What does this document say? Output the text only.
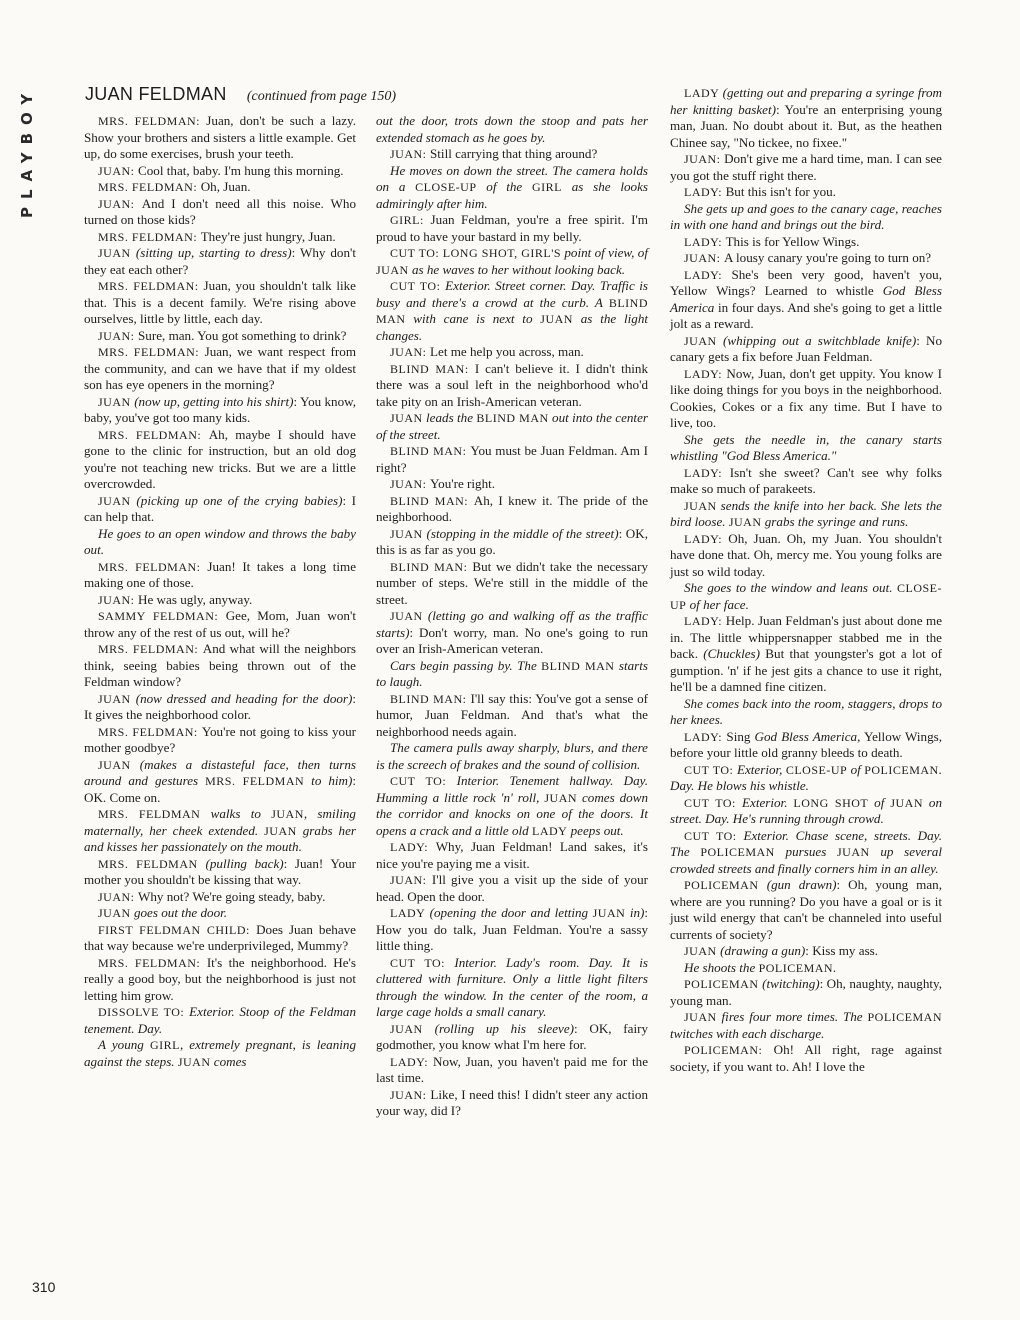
PLAYBOY	JUAN FELDMAN (continued from page 150)

MRS. FELDMAN: Juan, don't be such a lazy. Show your brothers and sisters a little example. Get up, do some exercises, brush your teeth.

JUAN: Cool that, baby. I'm hung this morning.

MRS. FELDMAN: Oh, Juan.

JUAN: And I don't need all this noise. Who turned on those kids?

MRS. FELDMAN: They're just hungry, Juan.

JUAN (sitting up, starting to dress): Why don't they eat each other?

MRS. FELDMAN: Juan, you shouldn't talk like that. This is a decent family. We're rising above ourselves, little by little, each day.

JUAN: Sure, man. You got something to drink?

MRS. FELDMAN: Juan, we want respect from the community, and can we have that if my oldest son has eye openers in the morning?

JUAN (now up, getting into his shirt): You know, baby, you've got too many kids.

MRS. FELDMAN: Ah, maybe I should have gone to the clinic for instruction, but an old dog you're not teaching new tricks. But we are a little overcrowded.

JUAN (picking up one of the crying babies): I can help that.

He goes to an open window and throws the baby out.

MRS. FELDMAN: Juan! It takes a long time making one of those.

JUAN: He was ugly, anyway.

SAMMY FELDMAN: Gee, Mom, Juan won't throw any of the rest of us out, will he?

MRS. FELDMAN: And what will the neighbors think, seeing babies being thrown out of the Feldman window?

JUAN (now dressed and heading for the door): It gives the neighborhood color.

MRS. FELDMAN: You're not going to kiss your mother goodbye?

JUAN (makes a distasteful face, then turns around and gestures MRS. FELDMAN to him): OK. Come on.

MRS. FELDMAN walks to JUAN, smiling maternally, her cheek extended. JUAN grabs her and kisses her passionately on the mouth.

MRS. FELDMAN (pulling back): Juan! Your mother you shouldn't be kissing that way.

JUAN: Why not? We're going steady, baby.

JUAN goes out the door.

FIRST FELDMAN CHILD: Does Juan behave that way because we're underprivileged, Mummy?

MRS. FELDMAN: It's the neighborhood. He's really a good boy, but the neighborhood is just not letting him grow.

DISSOLVE TO: Exterior. Stoop of the Feldman tenement. Day.

A young GIRL, extremely pregnant, is leaning against the steps. JUAN comes

out the door, trots down the stoop and pats her extended stomach as he goes by.

JUAN: Still carrying that thing around?

He moves on down the street. The camera holds on a CLOSE-UP of the GIRL as she looks admiringly after him.

GIRL: Juan Feldman, you're a free spirit. I'm proud to have your bastard in my belly.

CUT TO: LONG SHOT, GIRL'S point of view, of JUAN as he waves to her without looking back.

CUT TO: Exterior. Street corner. Day. Traffic is busy and there's a crowd at the curb. A BLIND MAN with cane is next to JUAN as the light changes.

JUAN: Let me help you across, man.

BLIND MAN: I can't believe it. I didn't think there was a soul left in the neighborhood who'd take pity on an Irish-American veteran.

JUAN leads the BLIND MAN out into the center of the street.

BLIND MAN: You must be Juan Feldman. Am I right?

JUAN: You're right.

BLIND MAN: Ah, I knew it. The pride of the neighborhood.

JUAN (stopping in the middle of the street): OK, this is as far as you go.

BLIND MAN: But we didn't take the necessary number of steps. We're still in the middle of the street.

JUAN (letting go and walking off as the traffic starts): Don't worry, man. No one's going to run over an Irish-American veteran.

Cars begin passing by. The BLIND MAN starts to laugh.

BLIND MAN: I'll say this: You've got a sense of humor, Juan Feldman. And that's what the neighborhood needs again.

The camera pulls away sharply, blurs, and there is the screech of brakes and the sound of collision.

CUT TO: Interior. Tenement hallway. Day. Humming a little rock 'n' roll, JUAN comes down the corridor and knocks on one of the doors. It opens a crack and a little old LADY peeps out.

LADY: Why, Juan Feldman! Land sakes, it's nice you're paying me a visit.

JUAN: I'll give you a visit up the side of your head. Open the door.

LADY (opening the door and letting JUAN in): How you do talk, Juan Feldman. You're a sassy little thing.

CUT TO: Interior. Lady's room. Day. It is cluttered with furniture. Only a little light filters through the window. In the center of the room, a large cage holds a small canary.

JUAN (rolling up his sleeve): OK, fairy godmother, you know what I'm here for.

LADY: Now, Juan, you haven't paid me for the last time.

JUAN: Like, I need this! I didn't steer any action your way, did I?

LADY (getting out and preparing a syringe from her knitting basket): You're an enterprising young man, Juan. No doubt about it. But, as the heathen Chinee say, "No tickee, no fixee."

JUAN: Don't give me a hard time, man. I can see you got the stuff right there.

LADY: But this isn't for you.

She gets up and goes to the canary cage, reaches in with one hand and brings out the bird.

LADY: This is for Yellow Wings.

JUAN: A lousy canary you're going to turn on?

LADY: She's been very good, haven't you, Yellow Wings? Learned to whistle God Bless America in four days. And she's going to get a little jolt as a reward.

JUAN (whipping out a switchblade knife): No canary gets a fix before Juan Feldman.

LADY: Now, Juan, don't get uppity. You know I like doing things for you boys in the neighborhood. Cookies, Cokes or a fix any time. But I have to live, too.

She gets the needle in, the canary starts whistling "God Bless America."

LADY: Isn't she sweet? Can't see why folks make so much of parakeets.

JUAN sends the knife into her back. She lets the bird loose. JUAN grabs the syringe and runs.

LADY: Oh, Juan. Oh, my Juan. You shouldn't have done that. Oh, mercy me. You young folks are just so wild today.

She goes to the window and leans out. CLOSE-UP of her face.

LADY: Help. Juan Feldman's just about done me in. The little whippersnapper stabbed me in the back. (Chuckles) But that youngster's got a lot of gumption. 'n' if he jest gits a chance to use it right, he'll be a damned fine citizen.

She comes back into the room, staggers, drops to her knees.

LADY: Sing God Bless America, Yellow Wings, before your little old granny bleeds to death.

CUT TO: Exterior, CLOSE-UP of POLICEMAN. Day. He blows his whistle.

CUT TO: Exterior. LONG SHOT of JUAN on street. Day. He's running through crowd.

CUT TO: Exterior. Chase scene, streets. Day. The POLICEMAN pursues JUAN up several crowded streets and finally corners him in an alley.

POLICEMAN (gun drawn): Oh, young man, where are you running? Do you have a goal or is it just wild energy that can't be channeled into useful currents of society?

JUAN (drawing a gun): Kiss my ass.

He shoots the POLICEMAN.

POLICEMAN (twitching): Oh, naughty, naughty, young man.

JUAN fires four more times. The POLICEMAN twitches with each discharge.

POLICEMAN: Oh! All right, rage against society, if you want to. Ah! I love the

310
